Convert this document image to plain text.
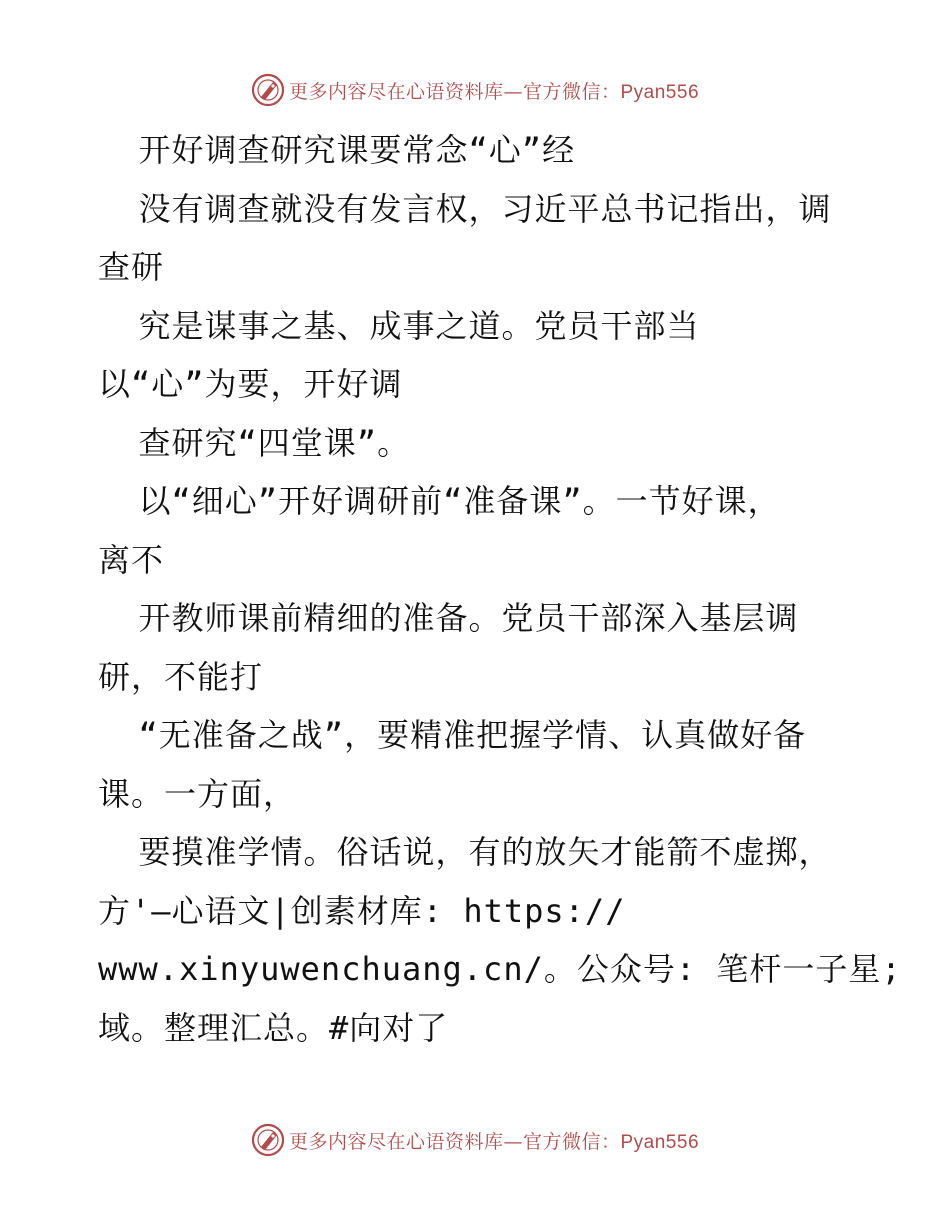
更多内容尽在心语资料库—官方微信：Pyan556
开好调查研究课要常念“心”经
没有调查就没有发言权，习近平总书记指出，调
查研
究是谋事之基、成事之道。党员干部当
以“心”为要，开好调
查研究“四堂课”。
以“细心”开好调研前“准备课”。一节好课，
离不
开教师课前精细的准备。党员干部深入基层调
研，不能打
“无准备之战”，要精准把握学情、认真做好备
课。一方面，
要摸准学情。俗话说，有的放矢才能箭不虚掷，
方'—心语文|创素材库: https://
www.xinyuwenchuang.cn/。公众号: 笔杆一子星;
域。整理汇总。#向对了
更多内容尽在心语资料库—官方微信：Pyan556
